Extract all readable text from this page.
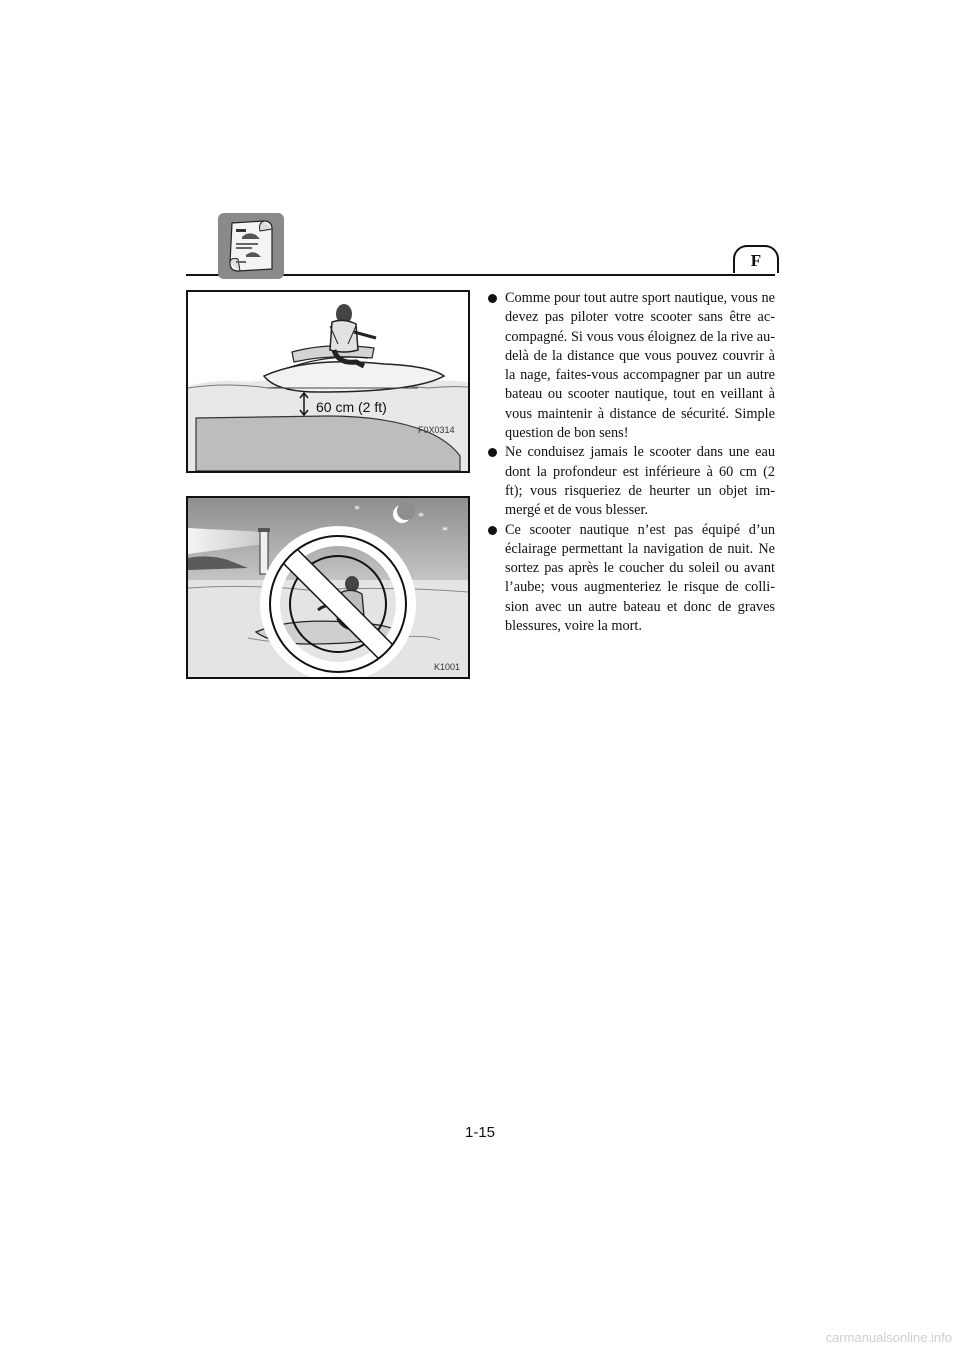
F
60 cm (2 ft)
F0X0314
*	*
*
K1001

Comme pour tout autre sport nautique, vous ne devez pas piloter votre scooter sans être accompagné. Si vous vous éloignez de la rive au-delà de la distance que vous pouvez couvrir à la nage, faites-vous accompagner par un autre bateau ou scooter nautique, tout en veillant à vous maintenir à distance de sécurité. Simple question de bon sens!

Ne conduisez jamais le scooter dans une eau dont la profondeur est inférieure à 60 cm (2 ft); vous risqueriez de heurter un objet immergé et de vous blesser.

Ce scooter nautique n’est pas équipé d’un éclairage permettant la navigation de nuit. Ne sortez pas après le coucher du soleil ou avant l’aube; vous augmenteriez le risque de collision avec un autre bateau et donc de graves blessures, voire la mort.

1-15
carmanualsonline.info
